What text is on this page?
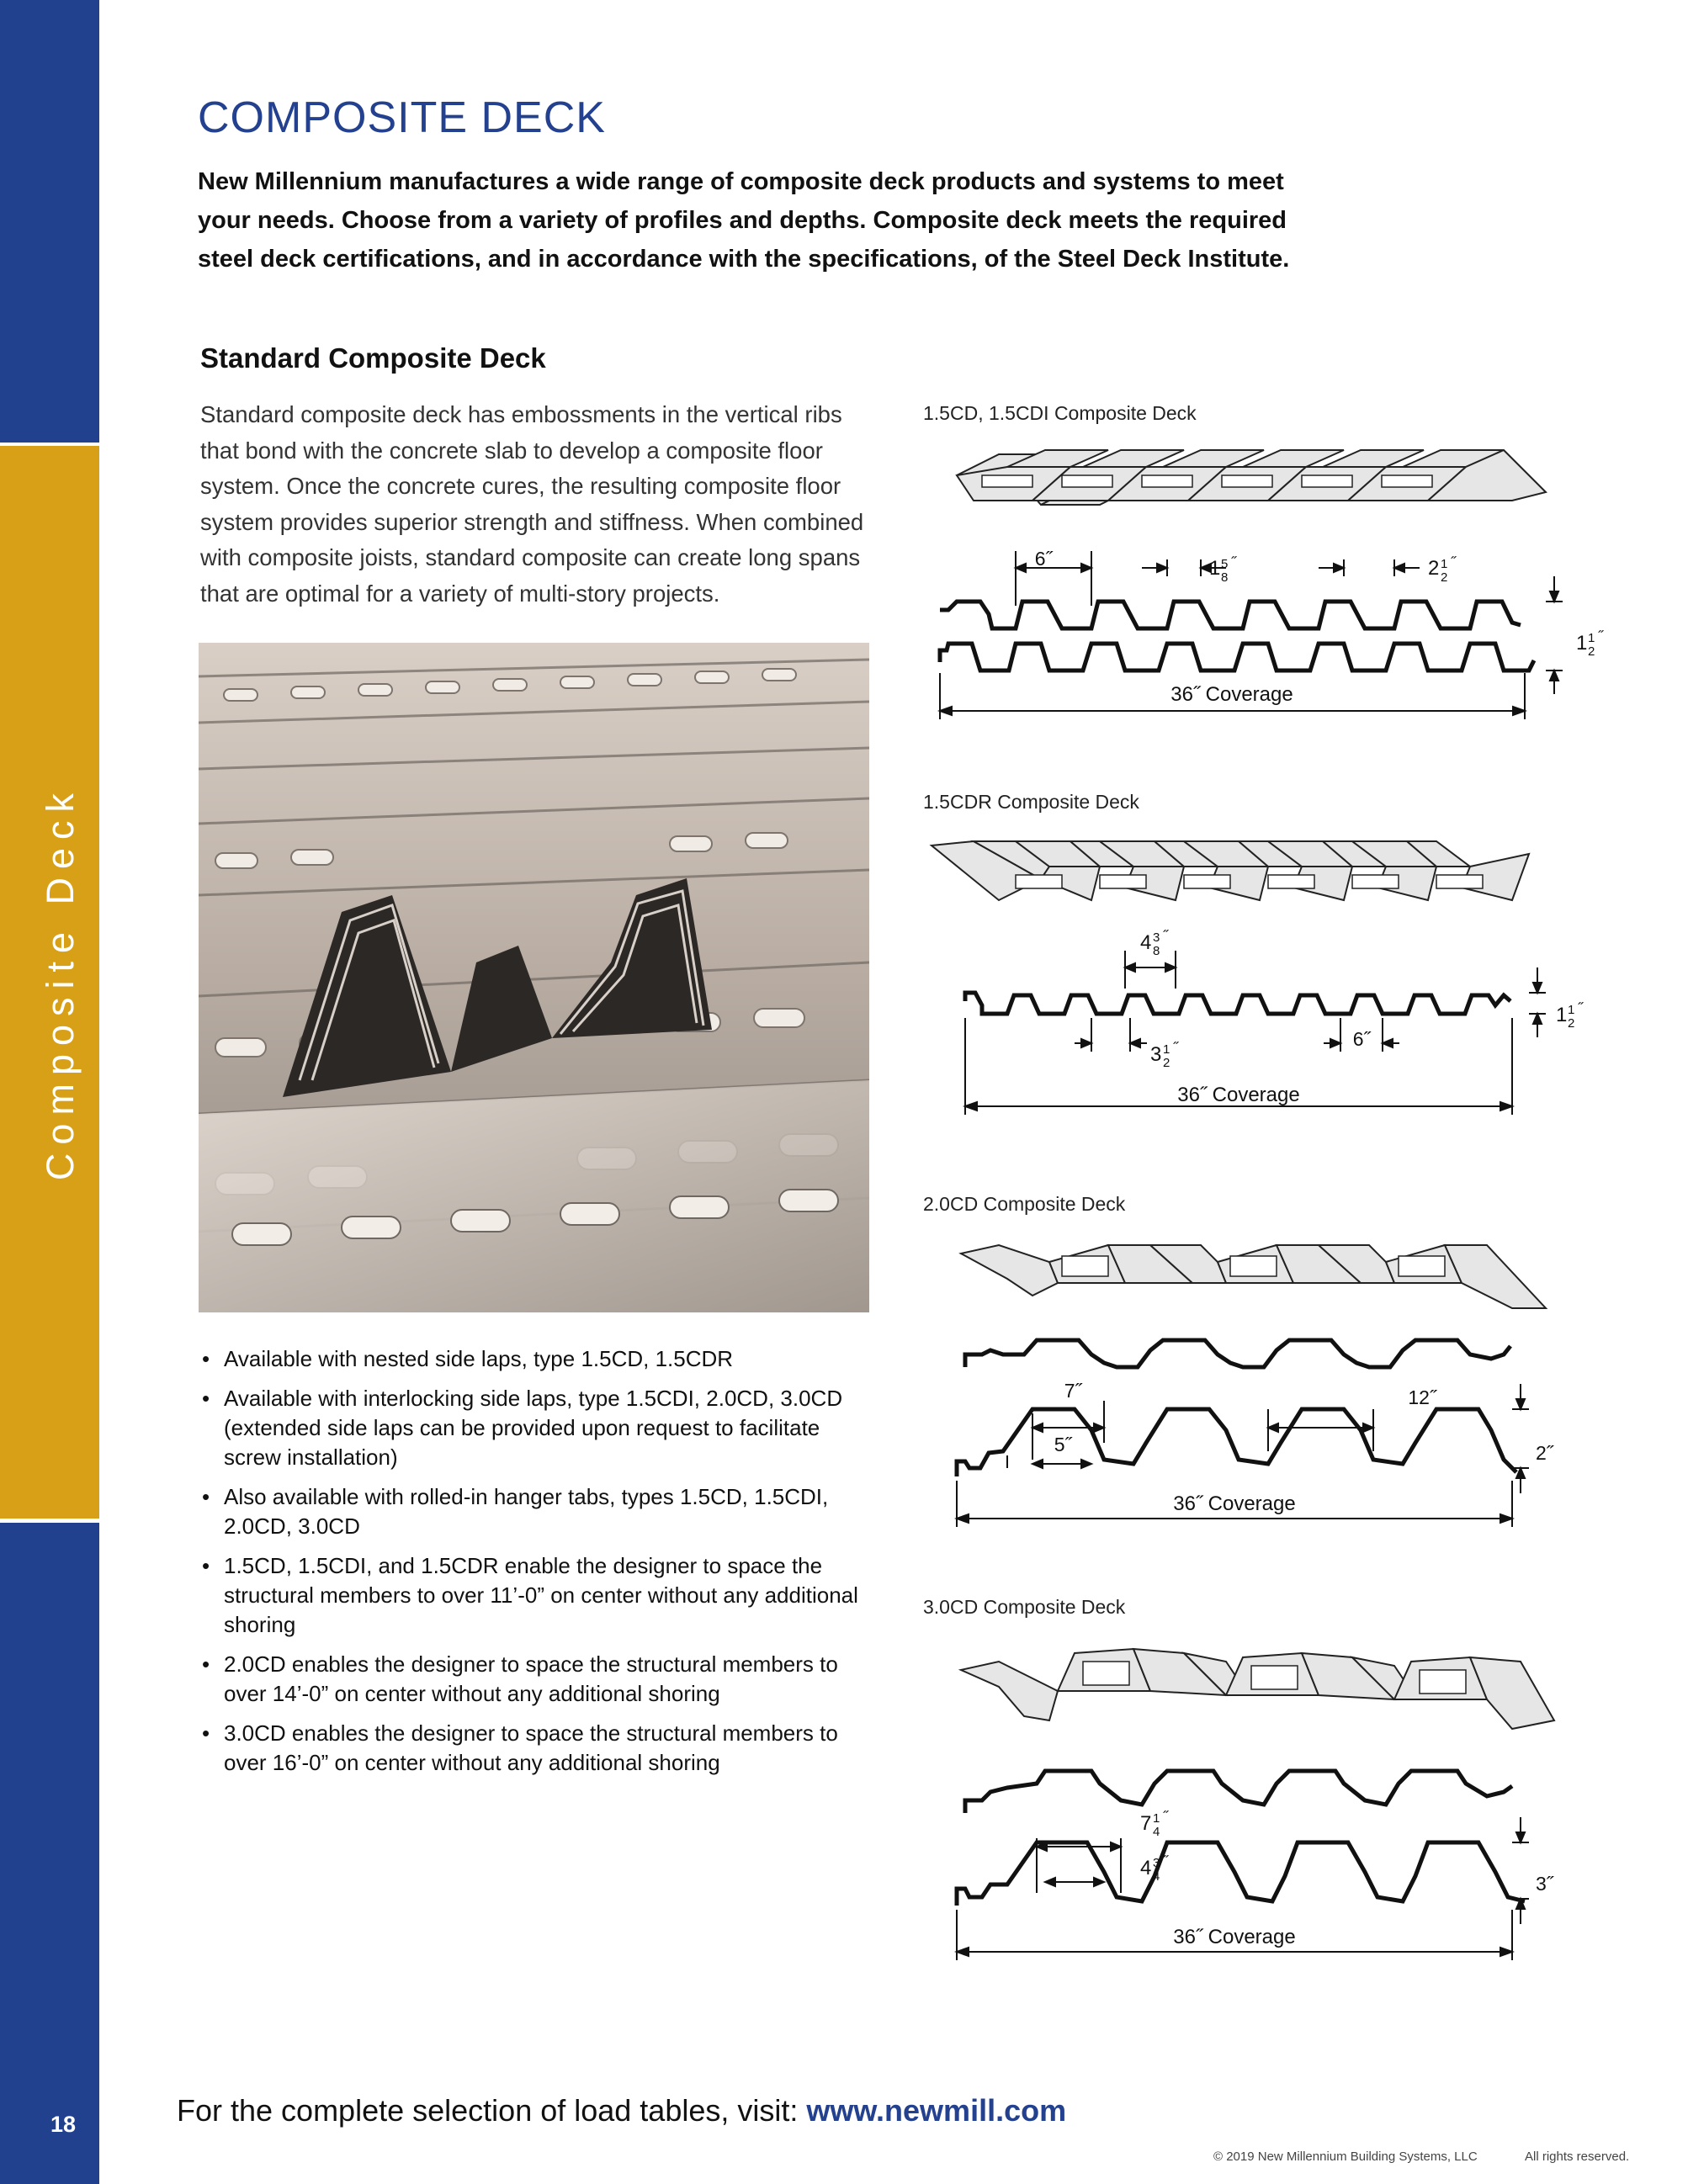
Composite Deck
18
COMPOSITE DECK
New Millennium manufactures a wide range of composite deck products and systems to meet your needs. Choose from a variety of profiles and depths. Composite deck meets the required steel deck certifications, and in accordance with the specifications, of the Steel Deck Institute.
Standard Composite Deck
Standard composite deck has embossments in the vertical ribs that bond with the concrete slab to develop a composite floor system. Once the concrete cures, the resulting composite floor system provides superior strength and stiffness. When combined with composite joists, standard composite can create long spans that are optimal for a variety of multi-story projects.
• Available with nested side laps, type 1.5CD, 1.5CDR
• Available with interlocking side laps, type 1.5CDI, 2.0CD, 3.0CD (extended side laps can be provided upon request to facilitate screw installation)
• Also available with rolled-in hanger tabs, types 1.5CD, 1.5CDI, 2.0CD, 3.0CD
• 1.5CD, 1.5CDI, and 1.5CDR enable the designer to space the structural members to over 11’-0” on center without any additional shoring
• 2.0CD enables the designer to space the structural members to over 14’-0” on center without any additional shoring
• 3.0CD enables the designer to space the structural members to over 16’-0” on center without any additional shoring
1.5CD, 1.5CDI Composite Deck
6˝	1 5
8
˝	2 1
2
˝
1 1
2
˝
36˝ Coverage
1.5CDR Composite Deck
4 3
8
˝
3 1
2
˝	6˝
1 1
2
˝
36˝ Coverage
2.0CD Composite Deck
7˝
5˝
12˝
2˝
36˝ Coverage
3.0CD Composite Deck
7 1
4
˝
4 3
4
˝
3˝
36˝ Coverage
For the complete selection of load tables, visit: www.newmill.com
© 2019 New Millennium Building Systems, LLC	All rights reserved.
